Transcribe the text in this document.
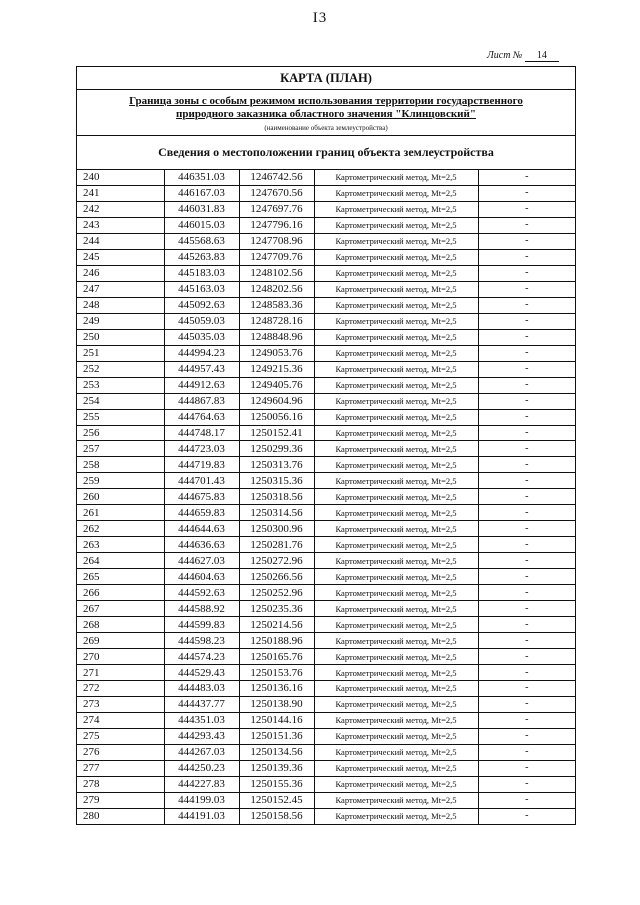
I3
Лист № 14
КАРТА (ПЛАН)
Граница зоны с особым режимом использования территории государственного
природного заказника областного значения "Клинцовский"
(наименование объекта землеустройства)
Сведения о местоположении границ объекта землеустройства
240	446351.03	1246742.56	Картометрический метод, Mt=2,5	-
241	446167.03	1247670.56	Картометрический метод, Mt=2,5	-
242	446031.83	1247697.76	Картометрический метод, Mt=2,5	-
243	446015.03	1247796.16	Картометрический метод, Mt=2,5	-
244	445568.63	1247708.96	Картометрический метод, Mt=2,5	-
245	445263.83	1247709.76	Картометрический метод, Mt=2,5	-
246	445183.03	1248102.56	Картометрический метод, Mt=2,5	-
247	445163.03	1248202.56	Картометрический метод, Mt=2,5	-
248	445092.63	1248583.36	Картометрический метод, Mt=2,5	-
249	445059.03	1248728.16	Картометрический метод, Mt=2,5	-
250	445035.03	1248848.96	Картометрический метод, Mt=2,5	-
251	444994.23	1249053.76	Картометрический метод, Mt=2,5	-
252	444957.43	1249215.36	Картометрический метод, Mt=2,5	-
253	444912.63	1249405.76	Картометрический метод, Mt=2,5	-
254	444867.83	1249604.96	Картометрический метод, Mt=2,5	-
255	444764.63	1250056.16	Картометрический метод, Mt=2,5	-
256	444748.17	1250152.41	Картометрический метод, Mt=2,5	-
257	444723.03	1250299.36	Картометрический метод, Mt=2,5	-
258	444719.83	1250313.76	Картометрический метод, Mt=2,5	-
259	444701.43	1250315.36	Картометрический метод, Mt=2,5	-
260	444675.83	1250318.56	Картометрический метод, Mt=2,5	-
261	444659.83	1250314.56	Картометрический метод, Mt=2,5	-
262	444644.63	1250300.96	Картометрический метод, Mt=2,5	-
263	444636.63	1250281.76	Картометрический метод, Mt=2,5	-
264	444627.03	1250272.96	Картометрический метод, Mt=2,5	-
265	444604.63	1250266.56	Картометрический метод, Mt=2,5	-
266	444592.63	1250252.96	Картометрический метод, Mt=2,5	-
267	444588.92	1250235.36	Картометрический метод, Mt=2,5	-
268	444599.83	1250214.56	Картометрический метод, Mt=2,5	-
269	444598.23	1250188.96	Картометрический метод, Mt=2,5	-
270	444574.23	1250165.76	Картометрический метод, Mt=2,5	-
271	444529.43	1250153.76	Картометрический метод, Mt=2,5	-
272	444483.03	1250136.16	Картометрический метод, Mt=2,5	-
273	444437.77	1250138.90	Картометрический метод, Mt=2,5	-
274	444351.03	1250144.16	Картометрический метод, Mt=2,5	-
275	444293.43	1250151.36	Картометрический метод, Mt=2,5	-
276	444267.03	1250134.56	Картометрический метод, Mt=2,5	-
277	444250.23	1250139.36	Картометрический метод, Mt=2,5	-
278	444227.83	1250155.36	Картометрический метод, Mt=2,5	-
279	444199.03	1250152.45	Картометрический метод, Mt=2,5	-
280	444191.03	1250158.56	Картометрический метод, Mt=2,5	-
